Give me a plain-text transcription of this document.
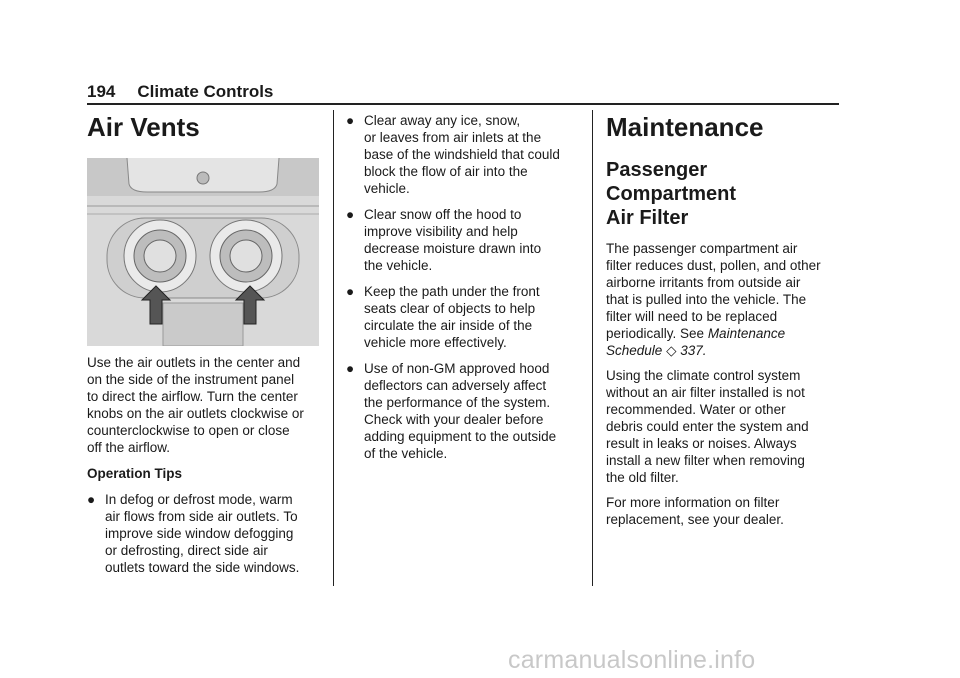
194 Climate Controls
Air Vents
Use the air outlets in the center and
on the side of the instrument panel
to direct the airflow. Turn the center
knobs on the air outlets clockwise or
counterclockwise to open or close
off the airflow.
Operation Tips
● In defog or defrost mode, warm
air flows from side air outlets. To
improve side window defogging
or defrosting, direct side air
outlets toward the side windows.
● Clear away any ice, snow,
or leaves from air inlets at the
base of the windshield that could
block the flow of air into the
vehicle.
● Clear snow off the hood to
improve visibility and help
decrease moisture drawn into
the vehicle.
● Keep the path under the front
seats clear of objects to help
circulate the air inside of the
vehicle more effectively.
● Use of non-GM approved hood
deflectors can adversely affect
the performance of the system.
Check with your dealer before
adding equipment to the outside
of the vehicle.
Maintenance
Passenger Compartment
Air Filter
The passenger compartment air
filter reduces dust, pollen, and other
airborne irritants from outside air
that is pulled into the vehicle. The
filter will need to be replaced
periodically. See Maintenance
Schedule ◇ 337.
Using the climate control system
without an air filter installed is not
recommended. Water or other
debris could enter the system and
result in leaks or noises. Always
install a new filter when removing
the old filter.
For more information on filter
replacement, see your dealer.
carmanualsonline.info
